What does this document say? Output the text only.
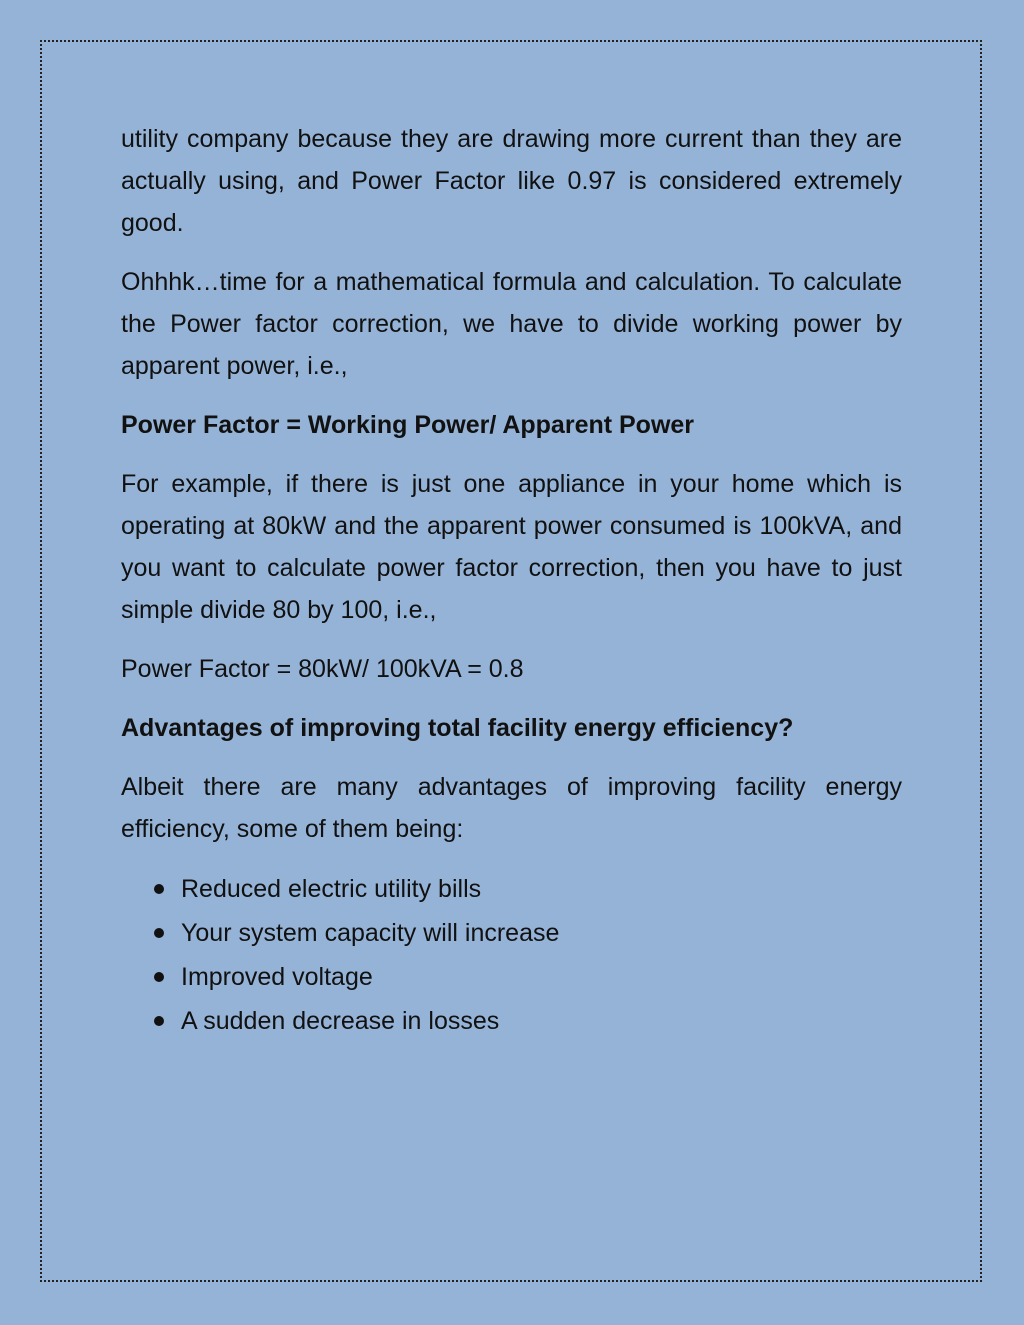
utility company because they are drawing more current than they are actually using, and Power Factor like 0.97 is considered extremely good.

Ohhhk…time for a mathematical formula and calculation. To calculate the Power factor correction, we have to divide working power by apparent power, i.e.,

Power Factor = Working Power/ Apparent Power

For example, if there is just one appliance in your home which is operating at 80kW and the apparent power consumed is 100kVA, and you want to calculate power factor correction, then you have to just simple divide 80 by 100, i.e.,

Power Factor = 80kW/ 100kVA = 0.8

Advantages of improving total facility energy efficiency?

Albeit there are many advantages of improving facility energy efficiency, some of them being:

Reduced electric utility bills
Your system capacity will increase
Improved voltage
A sudden decrease in losses
